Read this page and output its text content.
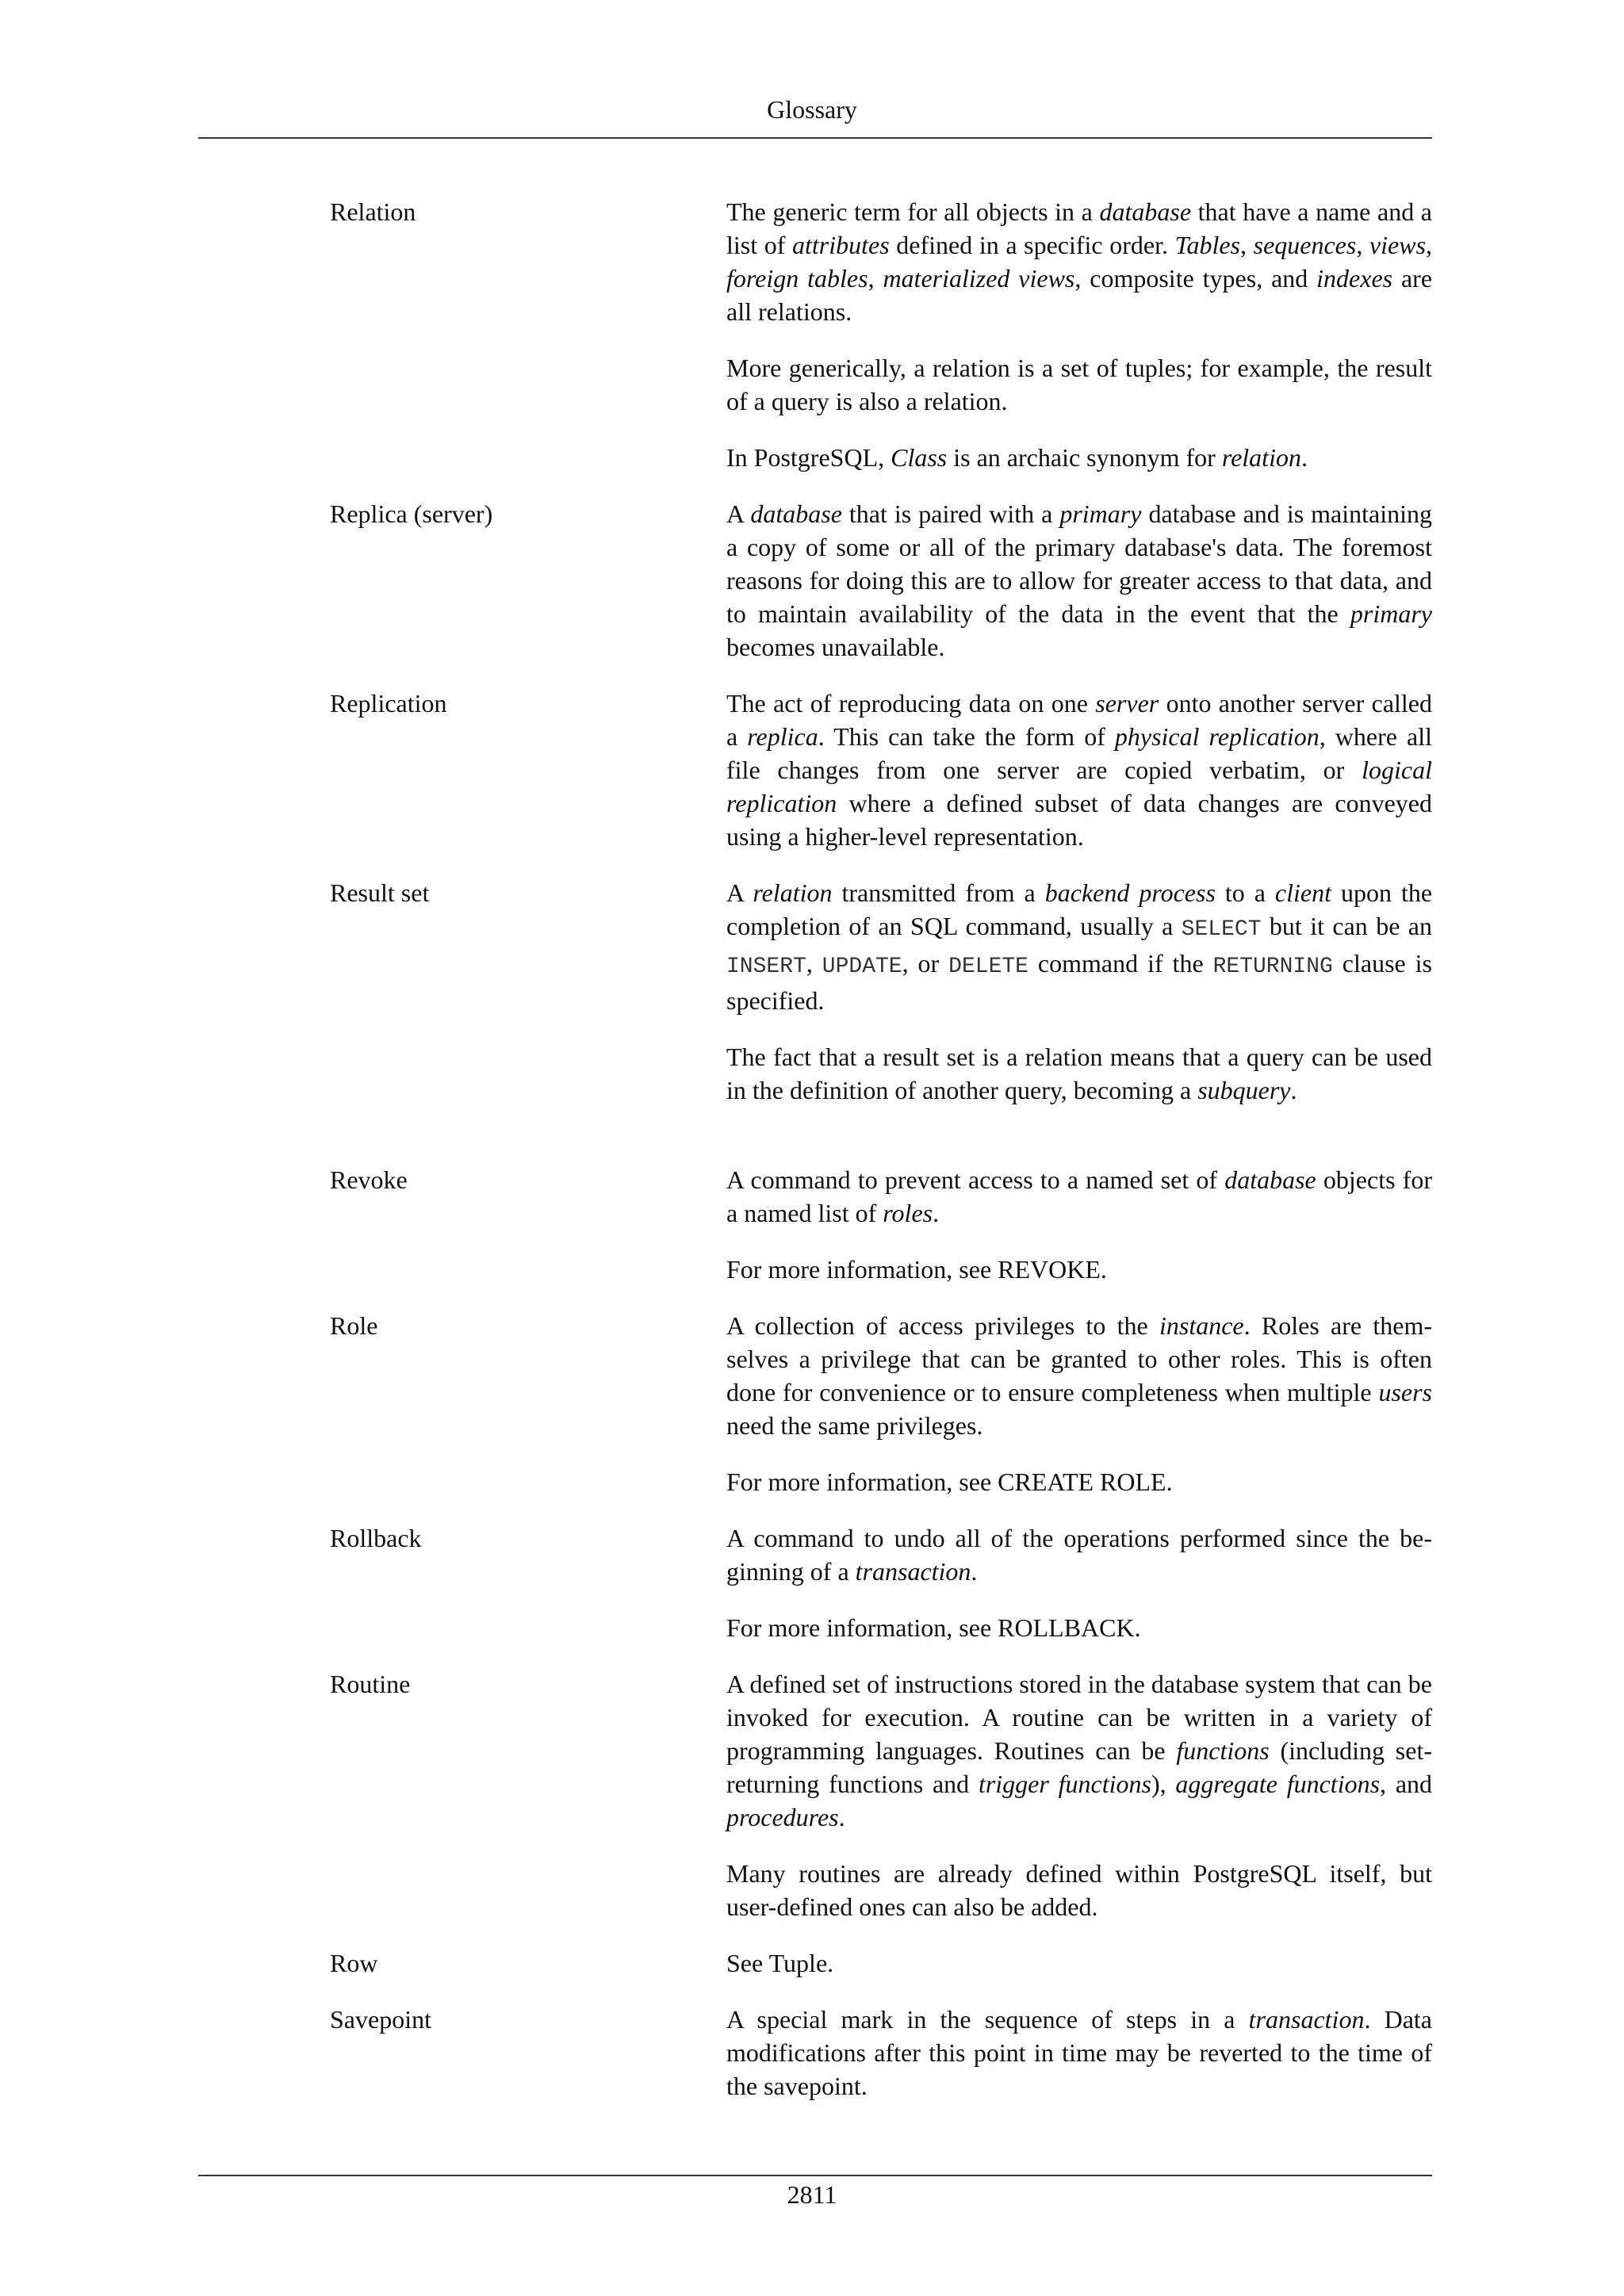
Glossary
Relation	The generic term for all objects in a database that have a name and a list of attributes defined in a specific order. Tables, sequences, views, foreign tables, materialized views, composite types, and indexes are all relations.

More generically, a relation is a set of tuples; for example, the result of a query is also a relation.

In PostgreSQL, Class is an archaic synonym for relation.

Replica (server)	A database that is paired with a primary database and is maintaining a copy of some or all of the primary database's data. The foremost reasons for doing this are to allow for greater access to that data, and to maintain availability of the data in the event that the primary becomes unavailable.

Replication	The act of reproducing data on one server onto another server called a replica. This can take the form of physical replication, where all file changes from one server are copied verbatim, or logical replication where a defined subset of data changes are conveyed using a higher-level representation.

Result set	A relation transmitted from a backend process to a client upon the completion of an SQL command, usually a SELECT but it can be an INSERT, UPDATE, or DELETE command if the RETURNING clause is specified.

The fact that a result set is a relation means that a query can be used in the definition of another query, becoming a subquery.

Revoke	A command to prevent access to a named set of database objects for a named list of roles.

For more information, see REVOKE.

Role	A collection of access privileges to the instance. Roles are themselves a privilege that can be granted to other roles. This is often done for convenience or to ensure completeness when multiple users need the same privileges.

For more information, see CREATE ROLE.

Rollback	A command to undo all of the operations performed since the beginning of a transaction.

For more information, see ROLLBACK.

Routine	A defined set of instructions stored in the database system that can be invoked for execution. A routine can be written in a variety of programming languages. Routines can be functions (including set-returning functions and trigger functions), aggregate functions, and procedures.

Many routines are already defined within PostgreSQL itself, but user-defined ones can also be added.

Row	See Tuple.

Savepoint	A special mark in the sequence of steps in a transaction. Data modifications after this point in time may be reverted to the time of the savepoint.

2811
